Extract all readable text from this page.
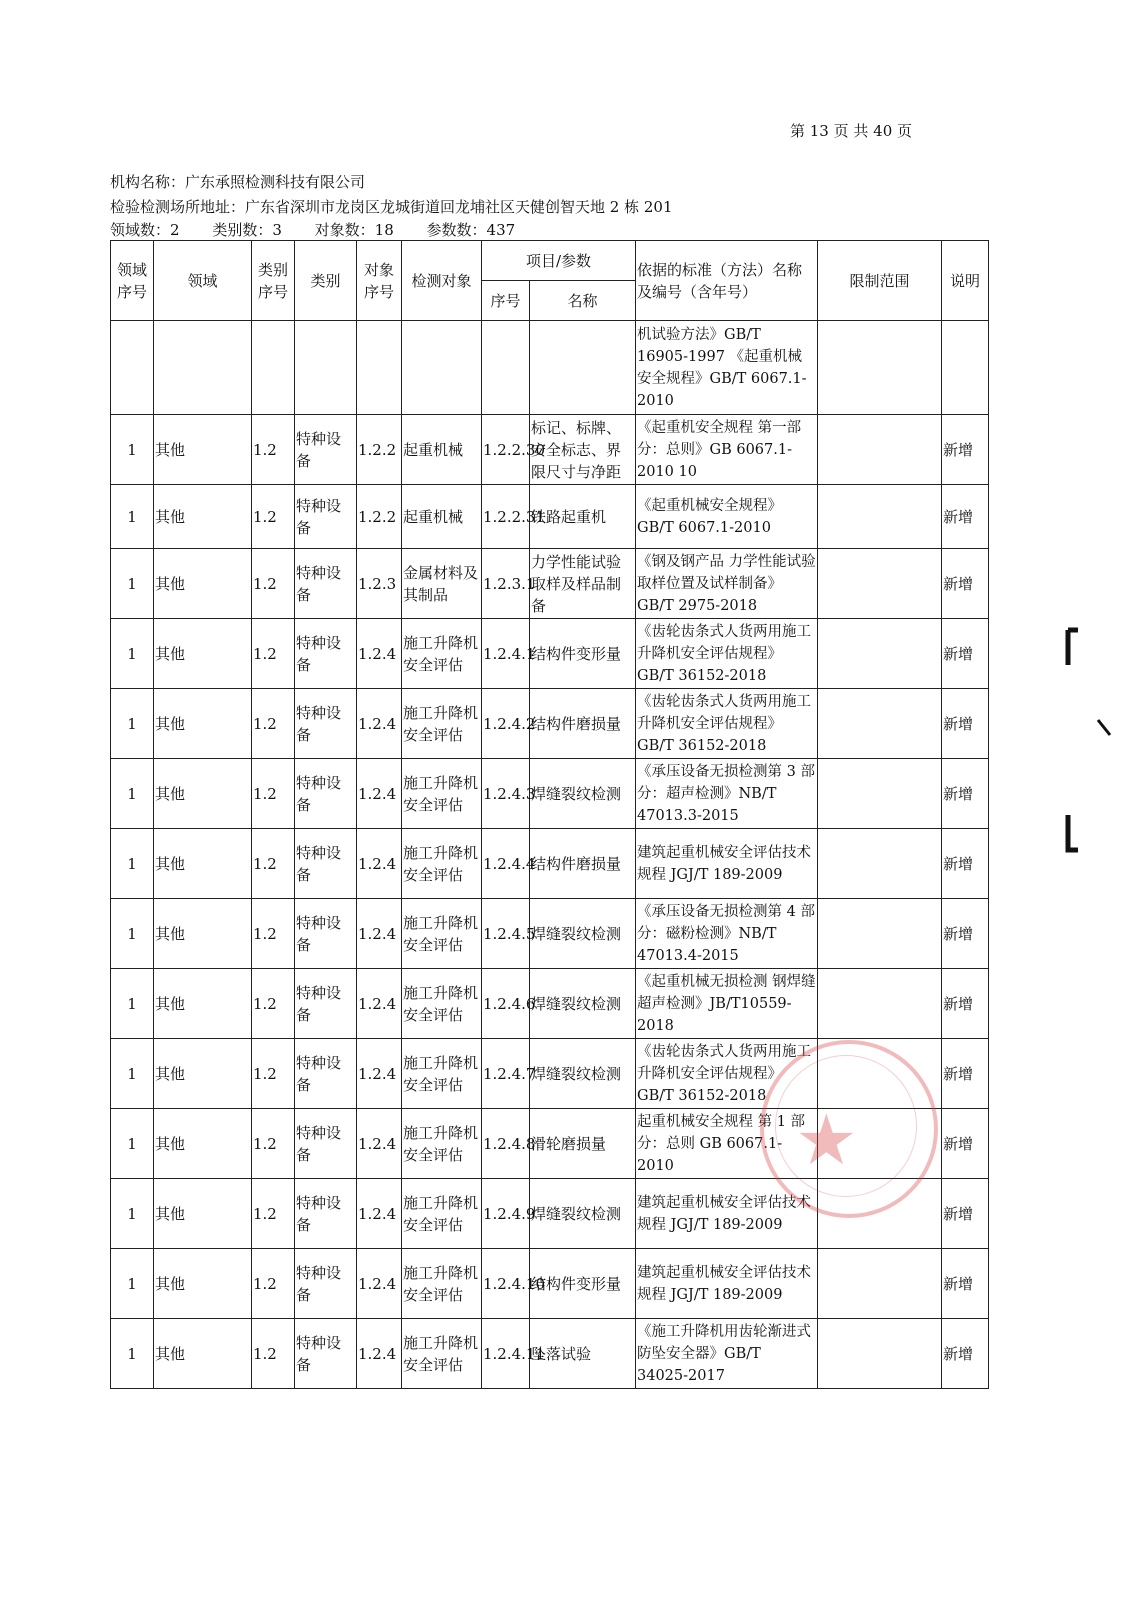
第 13 页 共 40 页
机构名称：广东承照检测科技有限公司
检验检测场所地址：广东省深圳市龙岗区龙城街道回龙埔社区天健创智天地 2 栋 201
领域数：2 类别数：3 对象数：18 参数数：437
领域序号	领域	类别序号	类别	对象序号	检测对象	项目/参数		依据的标准（方法）名称及编号（含年号）	限制范围	说明
						序号	名称			
								机试验方法》GB/T 16905-1997 《起重机械安全规程》GB/T 6067.1-2010		
1	其他	1.2	特种设备	1.2.2	起重机械	1.2.2.30	标记、标牌、安全标志、界限尺寸与净距	《起重机安全规程 第一部分：总则》GB 6067.1-2010 10		新增
1	其他	1.2	特种设备	1.2.2	起重机械	1.2.2.31	铁路起重机	《起重机械安全规程》GB/T 6067.1-2010		新增
1	其他	1.2	特种设备	1.2.3	金属材料及其制品	1.2.3.1	力学性能试验取样及样品制备	《钢及钢产品 力学性能试验取样位置及试样制备》GB/T 2975-2018		新增
1	其他	1.2	特种设备	1.2.4	施工升降机安全评估	1.2.4.1	结构件变形量	《齿轮齿条式人货两用施工升降机安全评估规程》GB/T 36152-2018		新增
1	其他	1.2	特种设备	1.2.4	施工升降机安全评估	1.2.4.2	结构件磨损量	《齿轮齿条式人货两用施工升降机安全评估规程》GB/T 36152-2018		新增
1	其他	1.2	特种设备	1.2.4	施工升降机安全评估	1.2.4.3	焊缝裂纹检测	《承压设备无损检测第 3 部分：超声检测》NB/T 47013.3-2015		新增
1	其他	1.2	特种设备	1.2.4	施工升降机安全评估	1.2.4.4	结构件磨损量	建筑起重机械安全评估技术规程 JGJ/T 189-2009		新增
1	其他	1.2	特种设备	1.2.4	施工升降机安全评估	1.2.4.5	焊缝裂纹检测	《承压设备无损检测第 4 部分：磁粉检测》NB/T 47013.4-2015		新增
1	其他	1.2	特种设备	1.2.4	施工升降机安全评估	1.2.4.6	焊缝裂纹检测	《起重机械无损检测 钢焊缝超声检测》JB/T10559-2018		新增
1	其他	1.2	特种设备	1.2.4	施工升降机安全评估	1.2.4.7	焊缝裂纹检测	《齿轮齿条式人货两用施工升降机安全评估规程》GB/T 36152-2018		新增
1	其他	1.2	特种设备	1.2.4	施工升降机安全评估	1.2.4.8	滑轮磨损量	起重机械安全规程 第 1 部分：总则 GB 6067.1-2010		新增
1	其他	1.2	特种设备	1.2.4	施工升降机安全评估	1.2.4.9	焊缝裂纹检测	建筑起重机械安全评估技术规程 JGJ/T 189-2009		新增
1	其他	1.2	特种设备	1.2.4	施工升降机安全评估	1.2.4.10	结构件变形量	建筑起重机械安全评估技术规程 JGJ/T 189-2009		新增
1	其他	1.2	特种设备	1.2.4	施工升降机安全评估	1.2.4.11	坠落试验	《施工升降机用齿轮渐进式防坠安全器》GB/T 34025-2017		新增
★
